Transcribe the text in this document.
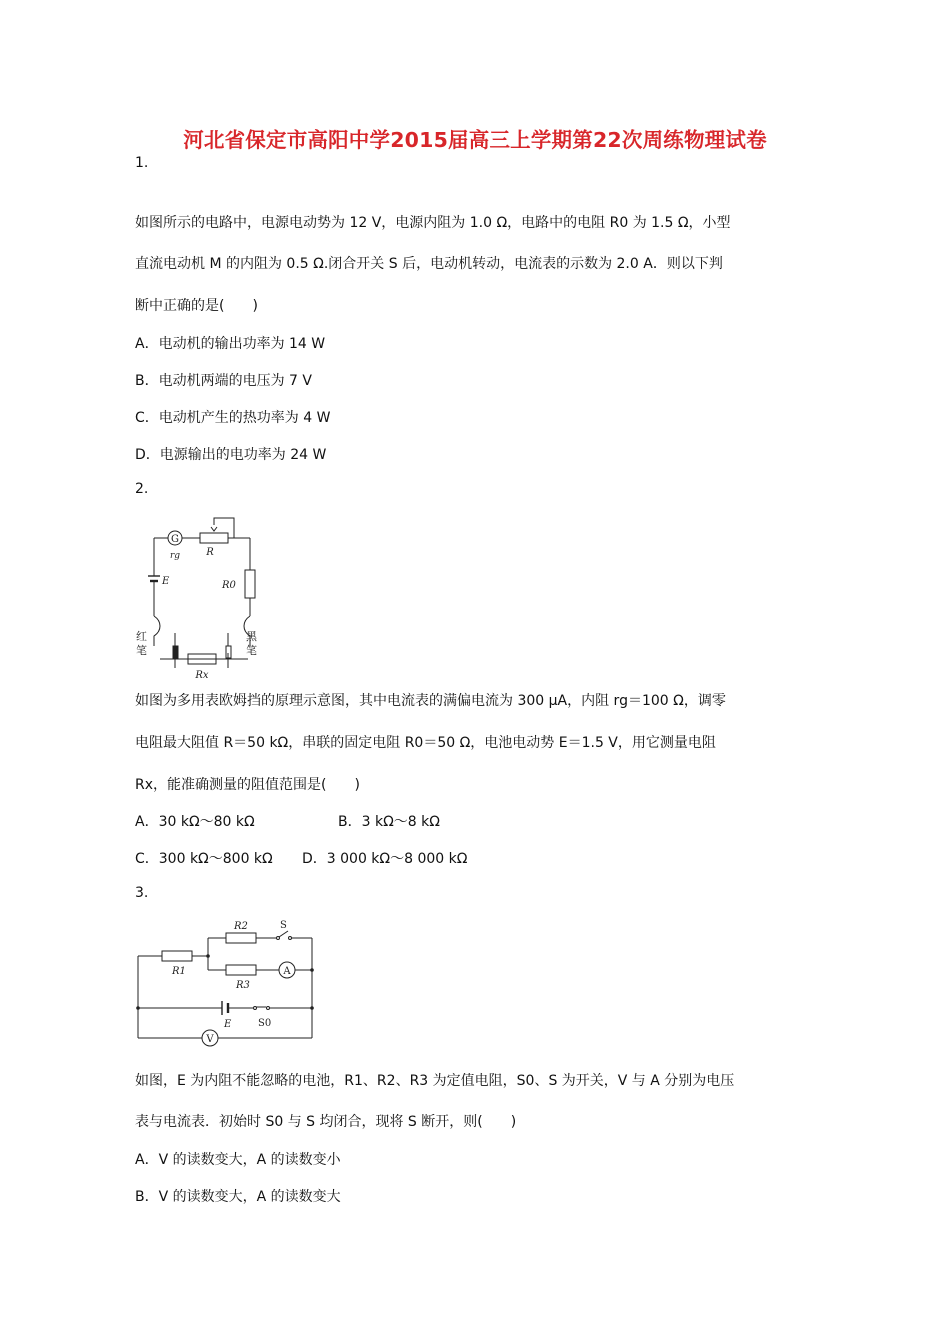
河北省保定市高阳中学2015届高三上学期第22次周练物理试卷
1.
如图所示的电路中，电源电动势为 12 V，电源内阻为 1.0 Ω，电路中的电阻 R0 为 1.5 Ω，小型
直流电动机 M 的内阻为 0.5 Ω.闭合开关 S 后，电动机转动，电流表的示数为 2.0 A．则以下判
断中正确的是(　　)
A．电动机的输出功率为 14 W
B．电动机两端的电压为 7 V
C．电动机产生的热功率为 4 W
D．电源输出的电功率为 24 W
2.
G
rg	R
E	R0
Rx
红
笔
黑
笔
如图为多用表欧姆挡的原理示意图，其中电流表的满偏电流为 300 μA，内阻 rg＝100 Ω，调零
电阻最大阻值 R＝50 kΩ，串联的固定电阻 R0＝50 Ω，电池电动势 E＝1.5 V，用它测量电阻
Rx，能准确测量的阻值范围是(　　)
A．30 kΩ～80 kΩ	B．3 kΩ～8 kΩ
C．300 kΩ～800 kΩ D．3 000 kΩ～8 000 kΩ
3.
R1
R2
R3
S
A
E	S0
V
如图，E 为内阻不能忽略的电池，R1、R2、R3 为定值电阻，S0、S 为开关，V 与 A 分别为电压
表与电流表．初始时 S0 与 S 均闭合，现将 S 断开，则(　　)
A．V 的读数变大，A 的读数变小
B．V 的读数变大，A 的读数变大
